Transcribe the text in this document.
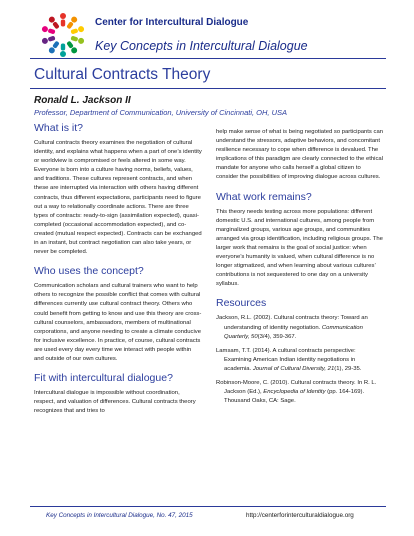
Center for Intercultural Dialogue
Key Concepts in Intercultural Dialogue
Cultural Contracts Theory
Ronald L. Jackson II
Professor, Department of Communication, University of Cincinnati, OH, USA
What is it?

Cultural contracts theory examines the negotiation of cultural identity, and explains what happens when a part of one’s identity or worldview is compromised or feels altered in some way. Everyone is born into a culture having norms, beliefs, values, and traditions. These cultures represent contracts, and when these are interrupted via interaction with others having different contracts, thus different expectations, participants need to figure out a way to relationally coordinate actions. There are three types of contracts: ready-to-sign (assimilation expected), quasi-completed (occasional accommodation expected), and co-created (mutual respect expected). Contracts can be exchanged in an instant, but contract negotiation can also take years, or never be completed.

Who uses the concept?

Communication scholars and cultural trainers who want to help others to recognize the possible conflict that comes with cultural differences currently use cultural contract theory. Others who could benefit from getting to know and use this theory are cross-cultural counselors, ambassadors, members of multinational corporations, and anyone needing to create a climate conducive for inclusive excellence. In practice, of course, cultural contracts are used every day every time we interact with people within and outside of our own cultures.

Fit with intercultural dialogue?

Intercultural dialogue is impossible without coordination, respect, and valuation of differences. Cultural contracts theory recognizes that and tries to

help make sense of what is being negotiated so participants can understand the stressors, adaptive behaviors, and concomitant resilience necessary to cope when difference is devalued. The implications of this paradigm are clearly connected to the ethical mandate for anyone who calls herself a global citizen to consider the possibilities of improving dialogue across cultures.

What work remains?

This theory needs testing across more populations: different domestic U.S. and international cultures, among people from marginalized groups, various age groups, and communities arranged via group identification, including religious groups. The larger work that remains is the goal of social justice: when everyone’s humanity is valued, when cultural difference is no longer stigmatized, and when learning about various cultures’ contributions is not sequestered to one day on a university syllabus.

Resources

Jackson, R.L. (2002). Cultural contracts theory: Toward an understanding of identity negotiation. Communication Quarterly, 50(3/4), 359-367.

Lamsam, T.T. (2014). A cultural contracts perspective: Examining American Indian identity negotiations in academia. Journal of Cultural Diversity, 21(1), 29-35.

Robinson-Moore, C. (2010). Cultural contracts theory. In R. L. Jackson (Ed.), Encyclopedia of Identity (pp. 164-169). Thousand Oaks, CA: Sage.

Key Concepts in Intercultural Dialogue, No. 47, 2015	http://centerforinterculturaldialogue.org
